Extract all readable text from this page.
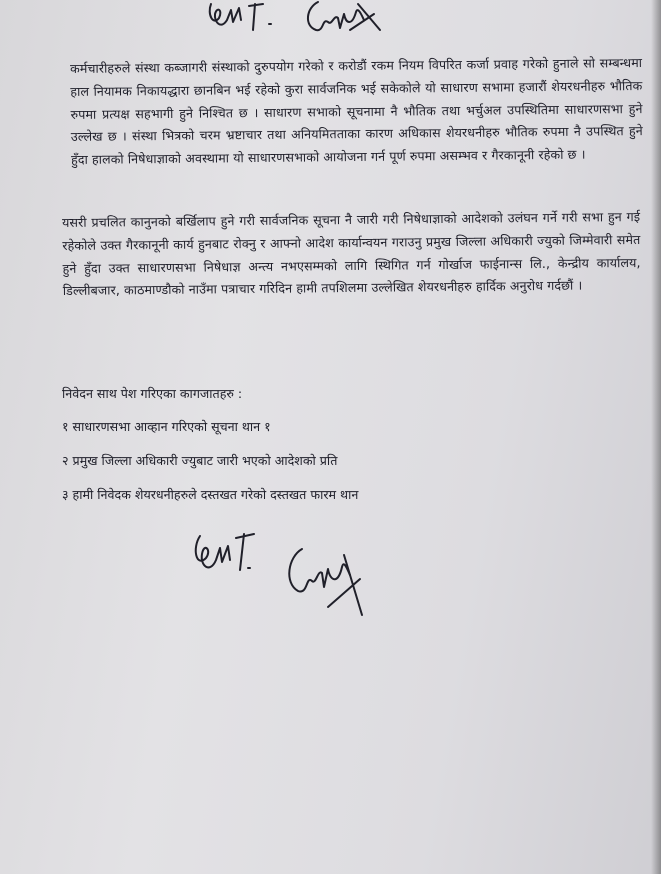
कर्मचारीहरुले संस्था कब्जागरी संस्थाको दुरुपयोग गरेको र करोडौं रकम नियम विपरित कर्जा प्रवाह गरेको हुनाले सो सम्बन्धमा हाल नियामक निकायद्धारा छानबिन भई रहेको कुरा सार्वजनिक भई सकेकोले यो साधारण सभामा हजारौं शेयरधनीहरु भौतिक रुपमा प्रत्यक्ष सहभागी हुने निश्चित छ । साधारण सभाको सूचनामा नै भौतिक तथा भर्चुअल उपस्थितिमा साधारणसभा हुने उल्लेख छ । संस्था भित्रको चरम भ्रष्टाचार तथा अनियमितताका कारण अधिकास शेयरधनीहरु भौतिक रुपमा नै उपस्थित हुने हुँदा हालको निषेधाज्ञाको अवस्थामा यो साधारणसभाको आयोजना गर्न पूर्ण रुपमा असम्भव र गैरकानूनी रहेको छ ।
यसरी प्रचलित कानुनको बर्खिलाप हुने गरी सार्वजनिक सूचना नै जारी गरी निषेधाज्ञाको आदेशको उलंघन गर्ने गरी सभा हुन गई रहेकोले उक्त गैरकानूनी कार्य हुनबाट रोक्नु र आफ्नो आदेश कार्यान्वयन गराउनु प्रमुख जिल्ला अधिकारी ज्युको जिम्मेवारी समेत हुने हुँदा उक्त साधारणसभा निषेधाज्ञ अन्त्य नभएसम्मको लागि स्थिगित गर्न गोर्खाज फाईनान्स लि., केन्द्रीय कार्यालय, डिल्लीबजार, काठमाण्डौको नाउँमा पत्राचार गरिदिन हामी तपशिलमा उल्लेखित शेयरधनीहरु हार्दिक अनुरोध गर्दछौं ।
निवेदन साथ पेश गरिएका कागजातहरु :
१ साधारणसभा आव्हान गरिएको सूचना थान १
२ प्रमुख जिल्ला अधिकारी ज्युबाट जारी भएको आदेशको प्रति
३ हामी निवेदक शेयरधनीहरुले दस्तखत गरेको दस्तखत फारम थान
